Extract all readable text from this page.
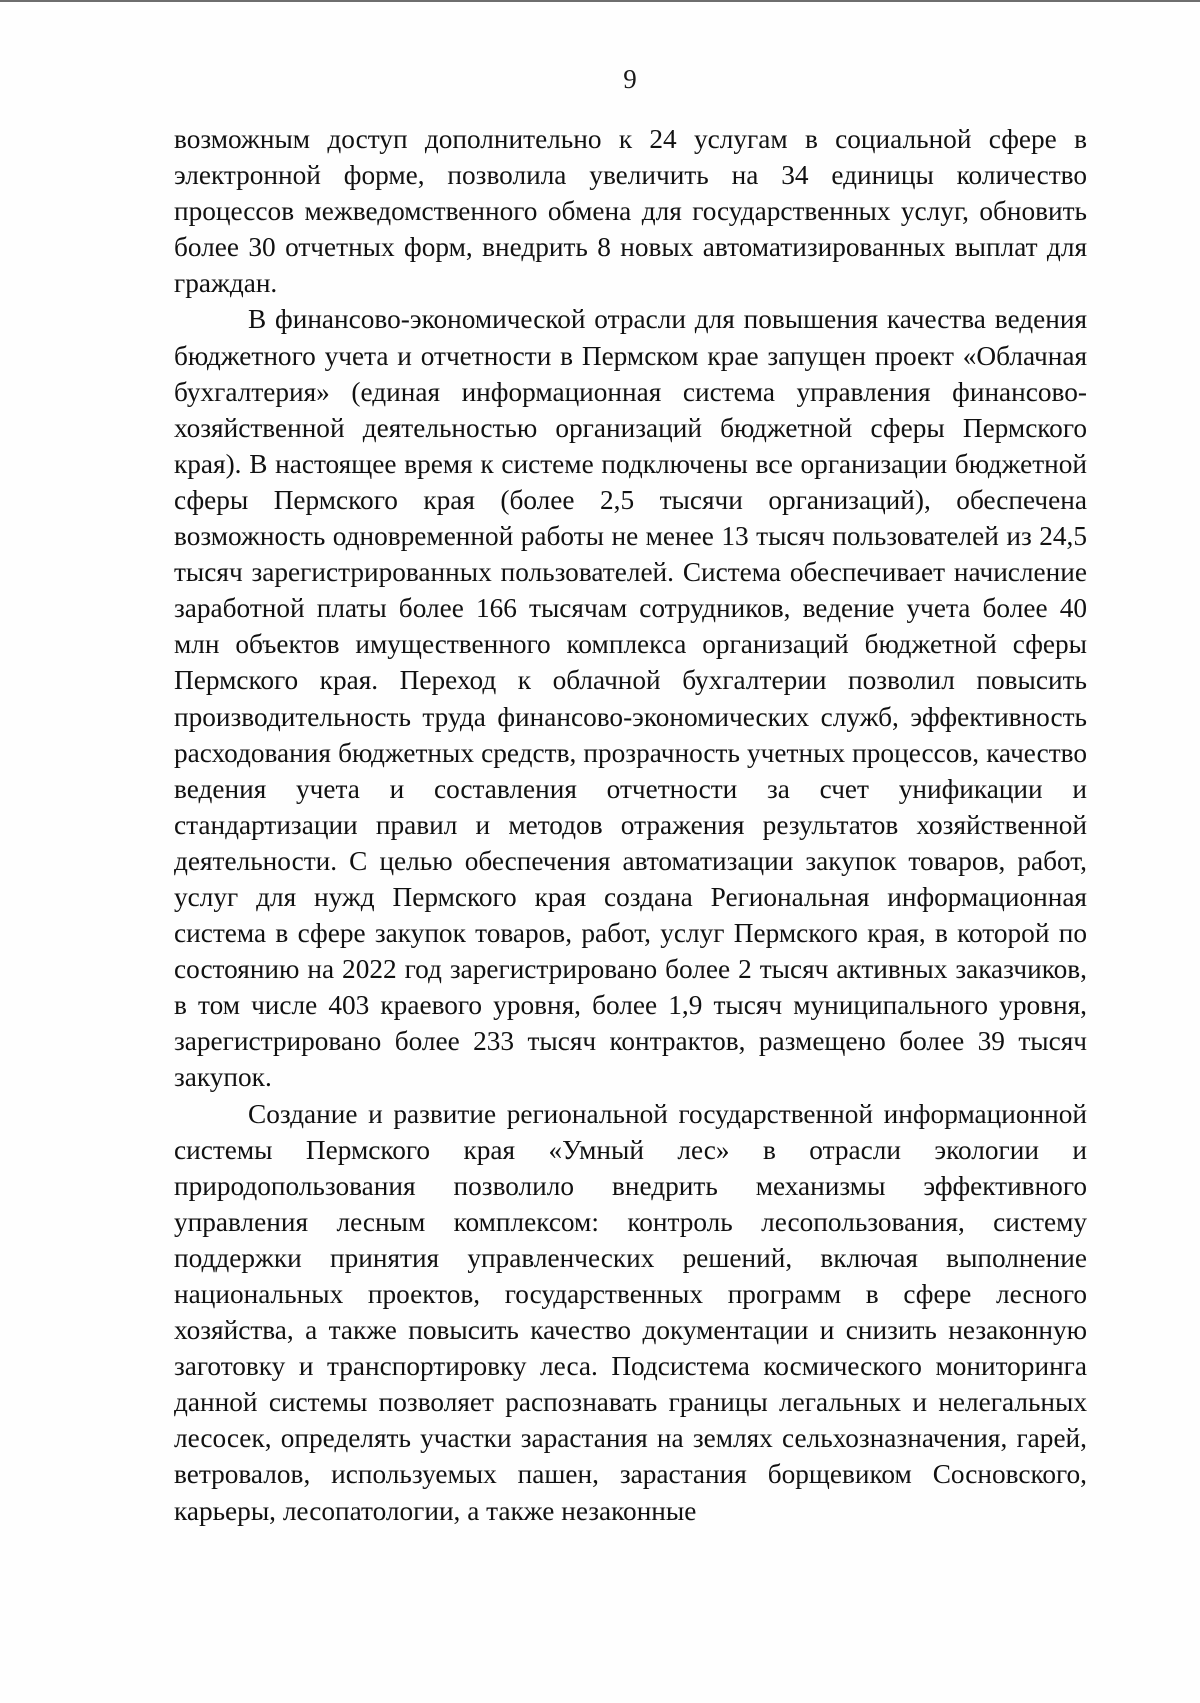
9

возможным доступ дополнительно к 24 услугам в социальной сфере в электронной форме, позволила увеличить на 34 единицы количество процессов межведомственного обмена для государственных услуг, обновить более 30 отчетных форм, внедрить 8 новых автоматизированных выплат для граждан.

В финансово-экономической отрасли для повышения качества ведения бюджетного учета и отчетности в Пермском крае запущен проект «Облачная бухгалтерия» (единая информационная система управления финансово-хозяйственной деятельностью организаций бюджетной сферы Пермского края). В настоящее время к системе подключены все организации бюджетной сферы Пермского края (более 2,5 тысячи организаций), обеспечена возможность одновременной работы не менее 13 тысяч пользователей из 24,5 тысяч зарегистрированных пользователей. Система обеспечивает начисление заработной платы более 166 тысячам сотрудников, ведение учета более 40 млн объектов имущественного комплекса организаций бюджетной сферы Пермского края. Переход к облачной бухгалтерии позволил повысить производительность труда финансово-экономических служб, эффективность расходования бюджетных средств, прозрачность учетных процессов, качество ведения учета и составления отчетности за счет унификации и стандартизации правил и методов отражения результатов хозяйственной деятельности. С целью обеспечения автоматизации закупок товаров, работ, услуг для нужд Пермского края создана Региональная информационная система в сфере закупок товаров, работ, услуг Пермского края, в которой по состоянию на 2022 год зарегистрировано более 2 тысяч активных заказчиков, в том числе 403 краевого уровня, более 1,9 тысяч муниципального уровня, зарегистрировано более 233 тысяч контрактов, размещено более 39 тысяч закупок.

Создание и развитие региональной государственной информационной системы Пермского края «Умный лес» в отрасли экологии и природопользования позволило внедрить механизмы эффективного управления лесным комплексом: контроль лесопользования, систему поддержки принятия управленческих решений, включая выполнение национальных проектов, государственных программ в сфере лесного хозяйства, а также повысить качество документации и снизить незаконную заготовку и транспортировку леса. Подсистема космического мониторинга данной системы позволяет распознавать границы легальных и нелегальных лесосек, определять участки зарастания на землях сельхозназначения, гарей, ветровалов, используемых пашен, зарастания борщевиком Сосновского, карьеры, лесопатологии, а также незаконные
